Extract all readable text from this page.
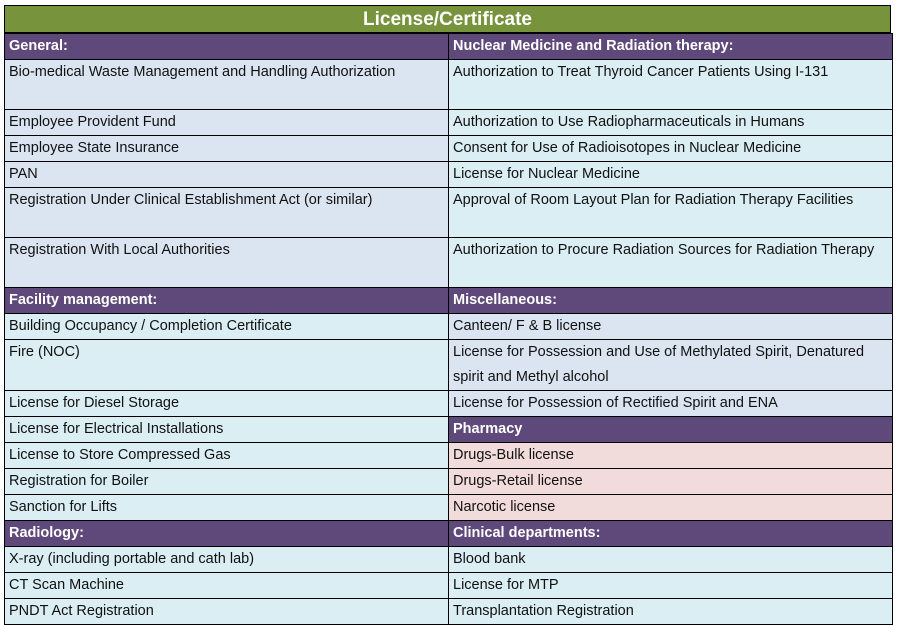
License/Certificate
General:	Nuclear Medicine and Radiation therapy:
Bio-medical Waste Management and Handling Authorization	Authorization to Treat Thyroid Cancer Patients Using I-131
Employee Provident Fund	Authorization to Use Radiopharmaceuticals in Humans
Employee State Insurance	Consent for Use of Radioisotopes in Nuclear Medicine
PAN	License for Nuclear Medicine
Registration Under Clinical Establishment Act (or similar)	Approval of Room Layout Plan for Radiation Therapy Facilities
Registration With Local Authorities	Authorization to Procure Radiation Sources for Radiation Therapy
Facility management:	Miscellaneous:
Building Occupancy / Completion Certificate	Canteen/ F & B license
Fire (NOC)	License for Possession and Use of Methylated Spirit, Denatured spirit and Methyl alcohol
License for Diesel Storage	License for Possession of Rectified Spirit and ENA
License for Electrical Installations	Pharmacy
License to Store Compressed Gas	Drugs-Bulk license
Registration for Boiler	Drugs-Retail license
Sanction for Lifts	Narcotic license
Radiology:	Clinical departments:
X-ray (including portable and cath lab)	Blood bank
CT Scan Machine	License for MTP
PNDT Act Registration	Transplantation Registration
